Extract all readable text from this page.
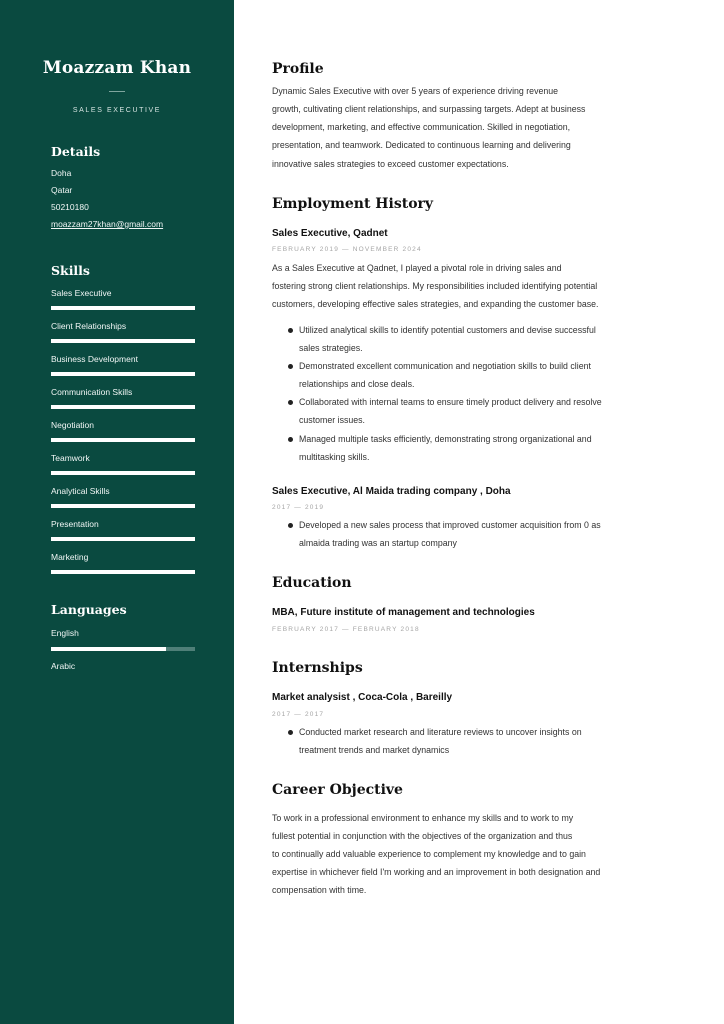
Moazzam Khan
SALES EXECUTIVE
Details
Doha
Qatar
50210180
moazzam27khan@gmail.com
Skills
Sales Executive
Client Relationships
Business Development
Communication Skills
Negotiation
Teamwork
Analytical Skills
Presentation
Marketing
Languages
English
Arabic
Profile
Dynamic Sales Executive with over 5 years of experience driving revenue
growth, cultivating client relationships, and surpassing targets. Adept at business
development, marketing, and effective communication. Skilled in negotiation,
presentation, and teamwork. Dedicated to continuous learning and delivering
innovative sales strategies to exceed customer expectations.
Employment History
Sales Executive, Qadnet
FEBRUARY 2019 — NOVEMBER 2024
As a Sales Executive at Qadnet, I played a pivotal role in driving sales and
fostering strong client relationships. My responsibilities included identifying potential
customers, developing effective sales strategies, and expanding the customer base.
Utilized analytical skills to identify potential customers and devise successful
sales strategies.
Demonstrated excellent communication and negotiation skills to build client
relationships and close deals.
Collaborated with internal teams to ensure timely product delivery and resolve
customer issues.
Managed multiple tasks efficiently, demonstrating strong organizational and
multitasking skills.
Sales Executive, Al Maida trading company , Doha
2017 — 2019
Developed a new sales process that improved customer acquisition from 0 as
almaida trading was an startup company
Education
MBA, Future institute of management and technologies
FEBRUARY 2017 — FEBRUARY 2018
Internships
Market analysist , Coca-Cola , Bareilly
2017 — 2017
Conducted market research and literature reviews to uncover insights on
treatment trends and market dynamics
Career Objective
To work in a professional environment to enhance my skills and to work to my
fullest potential in conjunction with the objectives of the organization and thus
to continually add valuable experience to complement my knowledge and to gain
expertise in whichever field I'm working and an improvement in both designation and
compensation with time.
